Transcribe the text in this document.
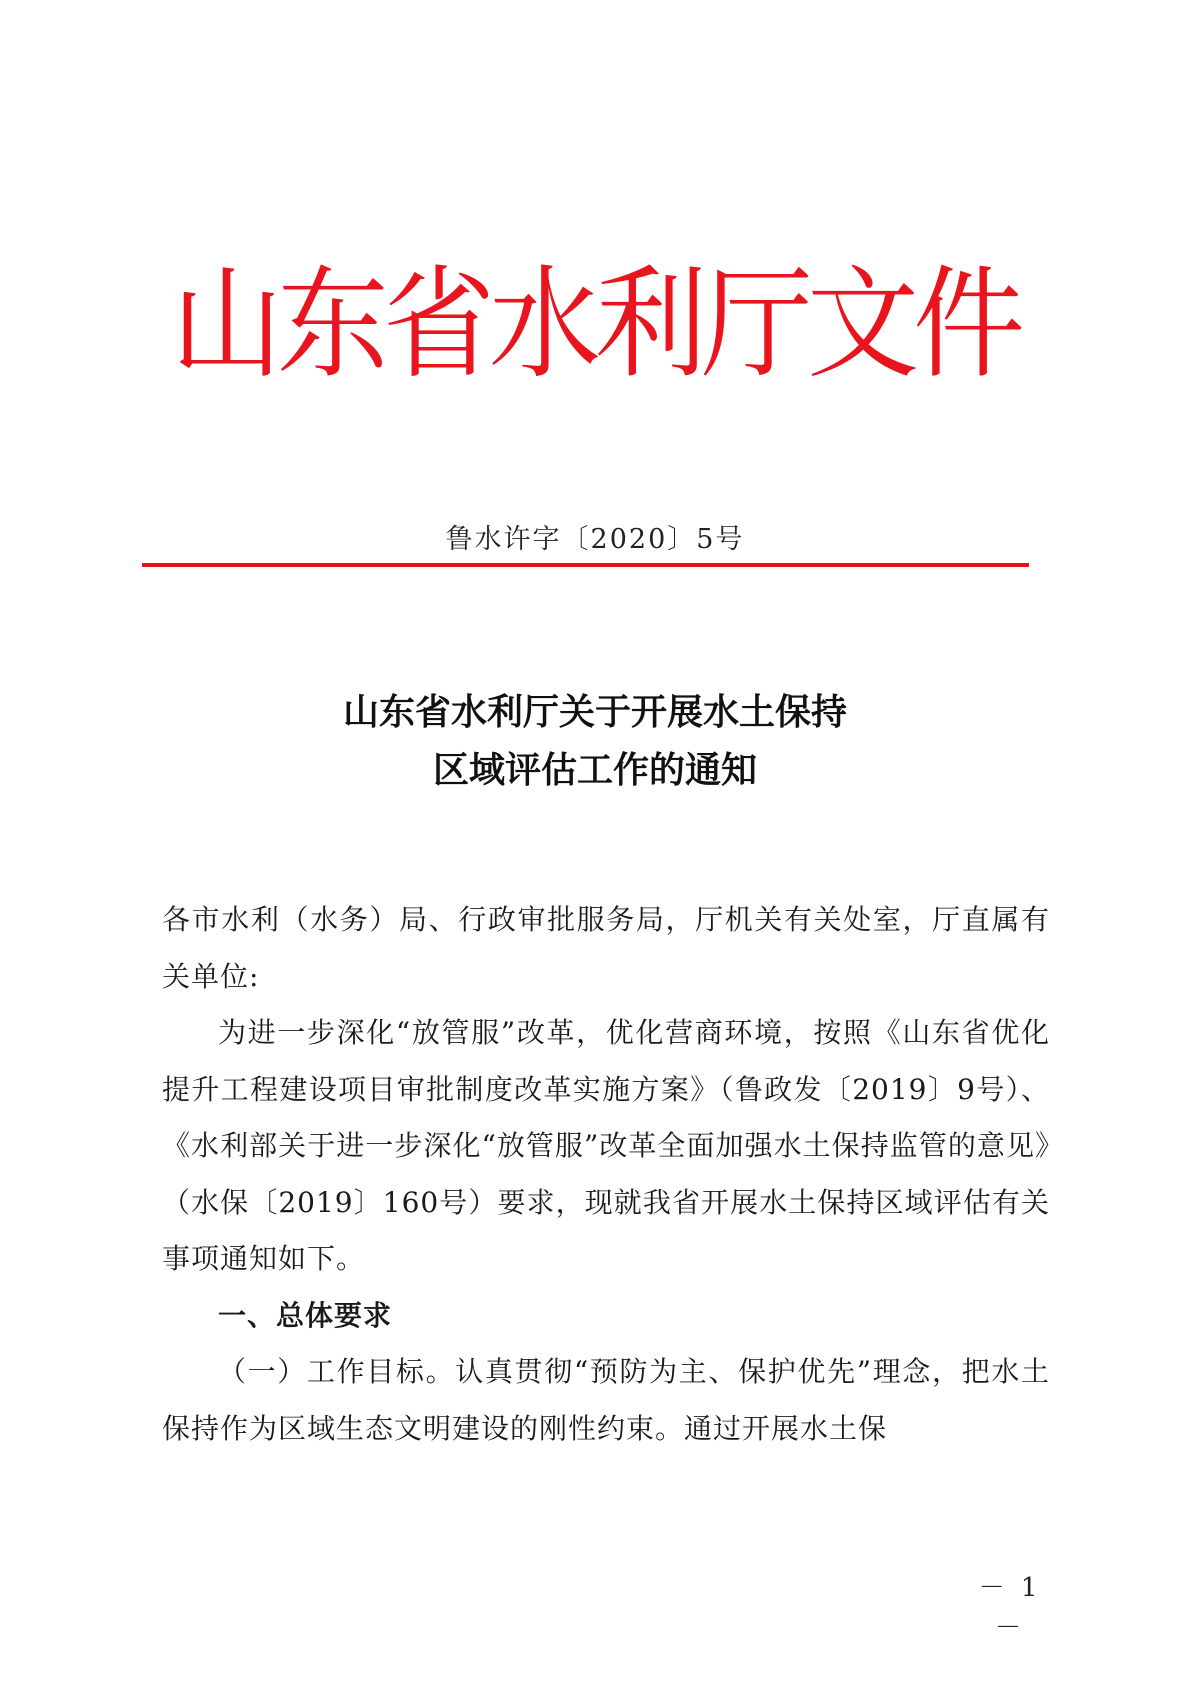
山东省水利厅文件
鲁水许字〔2020〕5号
山东省水利厅关于开展水土保持
区域评估工作的通知

各市水利（水务）局、行政审批服务局，厅机关有关处室，厅直属有关单位:

为进一步深化“放管服”改革，优化营商环境，按照《山东省优化提升工程建设项目审批制度改革实施方案》（鲁政发〔2019〕9号）、《水利部关于进一步深化“放管服”改革全面加强水土保持监管的意见》（水保〔2019〕160号）要求，现就我省开展水土保持区域评估有关事项通知如下。

一、总体要求

（一）工作目标。认真贯彻“预防为主、保护优先”理念，把水土保持作为区域生态文明建设的刚性约束。通过开展水土保

－ 1 －
